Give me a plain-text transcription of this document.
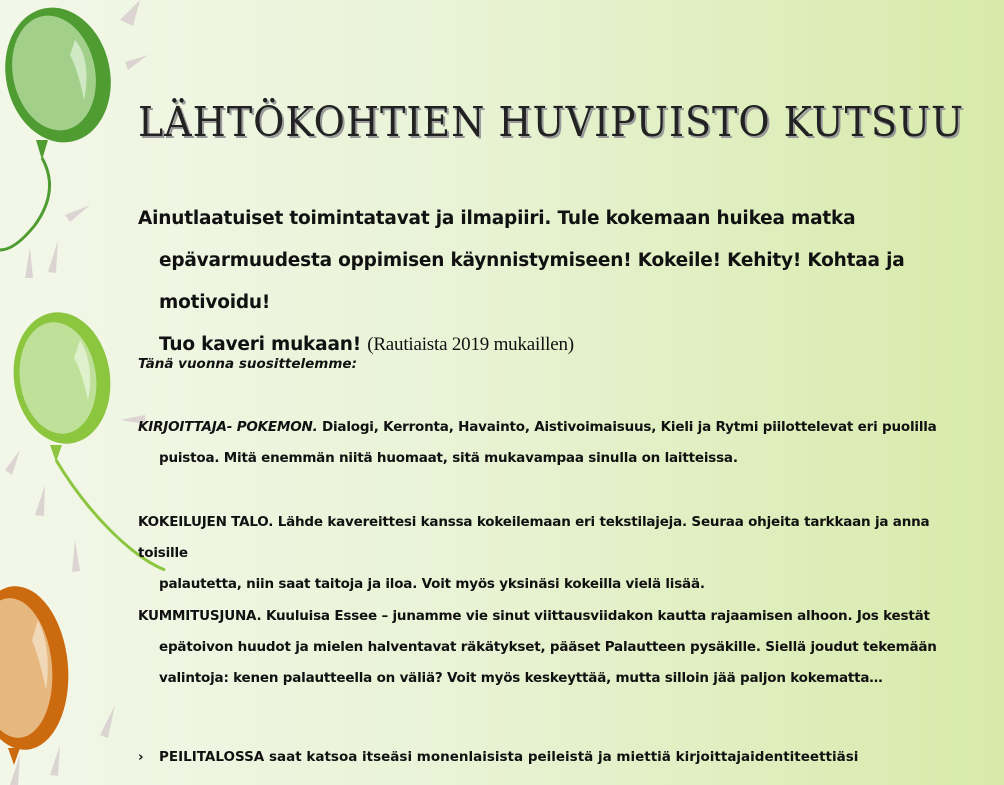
LÄHTÖKOHTIEN HUVIPUISTO KUTSUU

Ainutlaatuiset toimintatavat ja ilmapiiri. Tule kokemaan huikea matka
epävarmuudesta oppimisen käynnistymiseen! Kokeile! Kehity! Kohtaa ja motivoidu!
Tuo kaveri mukaan! (Rautiaista 2019 mukaillen)

Tänä vuonna suosittelemme:

KIRJOITTAJA- POKEMON. Dialogi, Kerronta, Havainto, Aistivoimaisuus, Kieli ja Rytmi piilottelevat eri puolilla
puistoa. Mitä enemmän niitä huomaat, sitä mukavampaa sinulla on laitteissa.

KOKEILUJEN TALO. Lähde kavereittesi kanssa kokeilemaan eri tekstilajeja. Seuraa ohjeita tarkkaan ja anna toisille
palautetta, niin saat taitoja ja iloa. Voit myös yksinäsi kokeilla vielä lisää.

KUMMITUSJUNA. Kuuluisa Essee – junamme vie sinut viittausviidakon kautta rajaamisen alhoon. Jos kestät
epätoivon huudot ja mielen halventavat räkätykset, pääset Palautteen pysäkille. Siellä joudut tekemään
valintoja: kenen palautteella on väliä? Voit myös keskeyttää, mutta silloin jää paljon kokematta…

› PEILITALOSSA saat katsoa itseäsi monenlaisista peileistä ja miettiä kirjoittajaidentiteettiäsi
